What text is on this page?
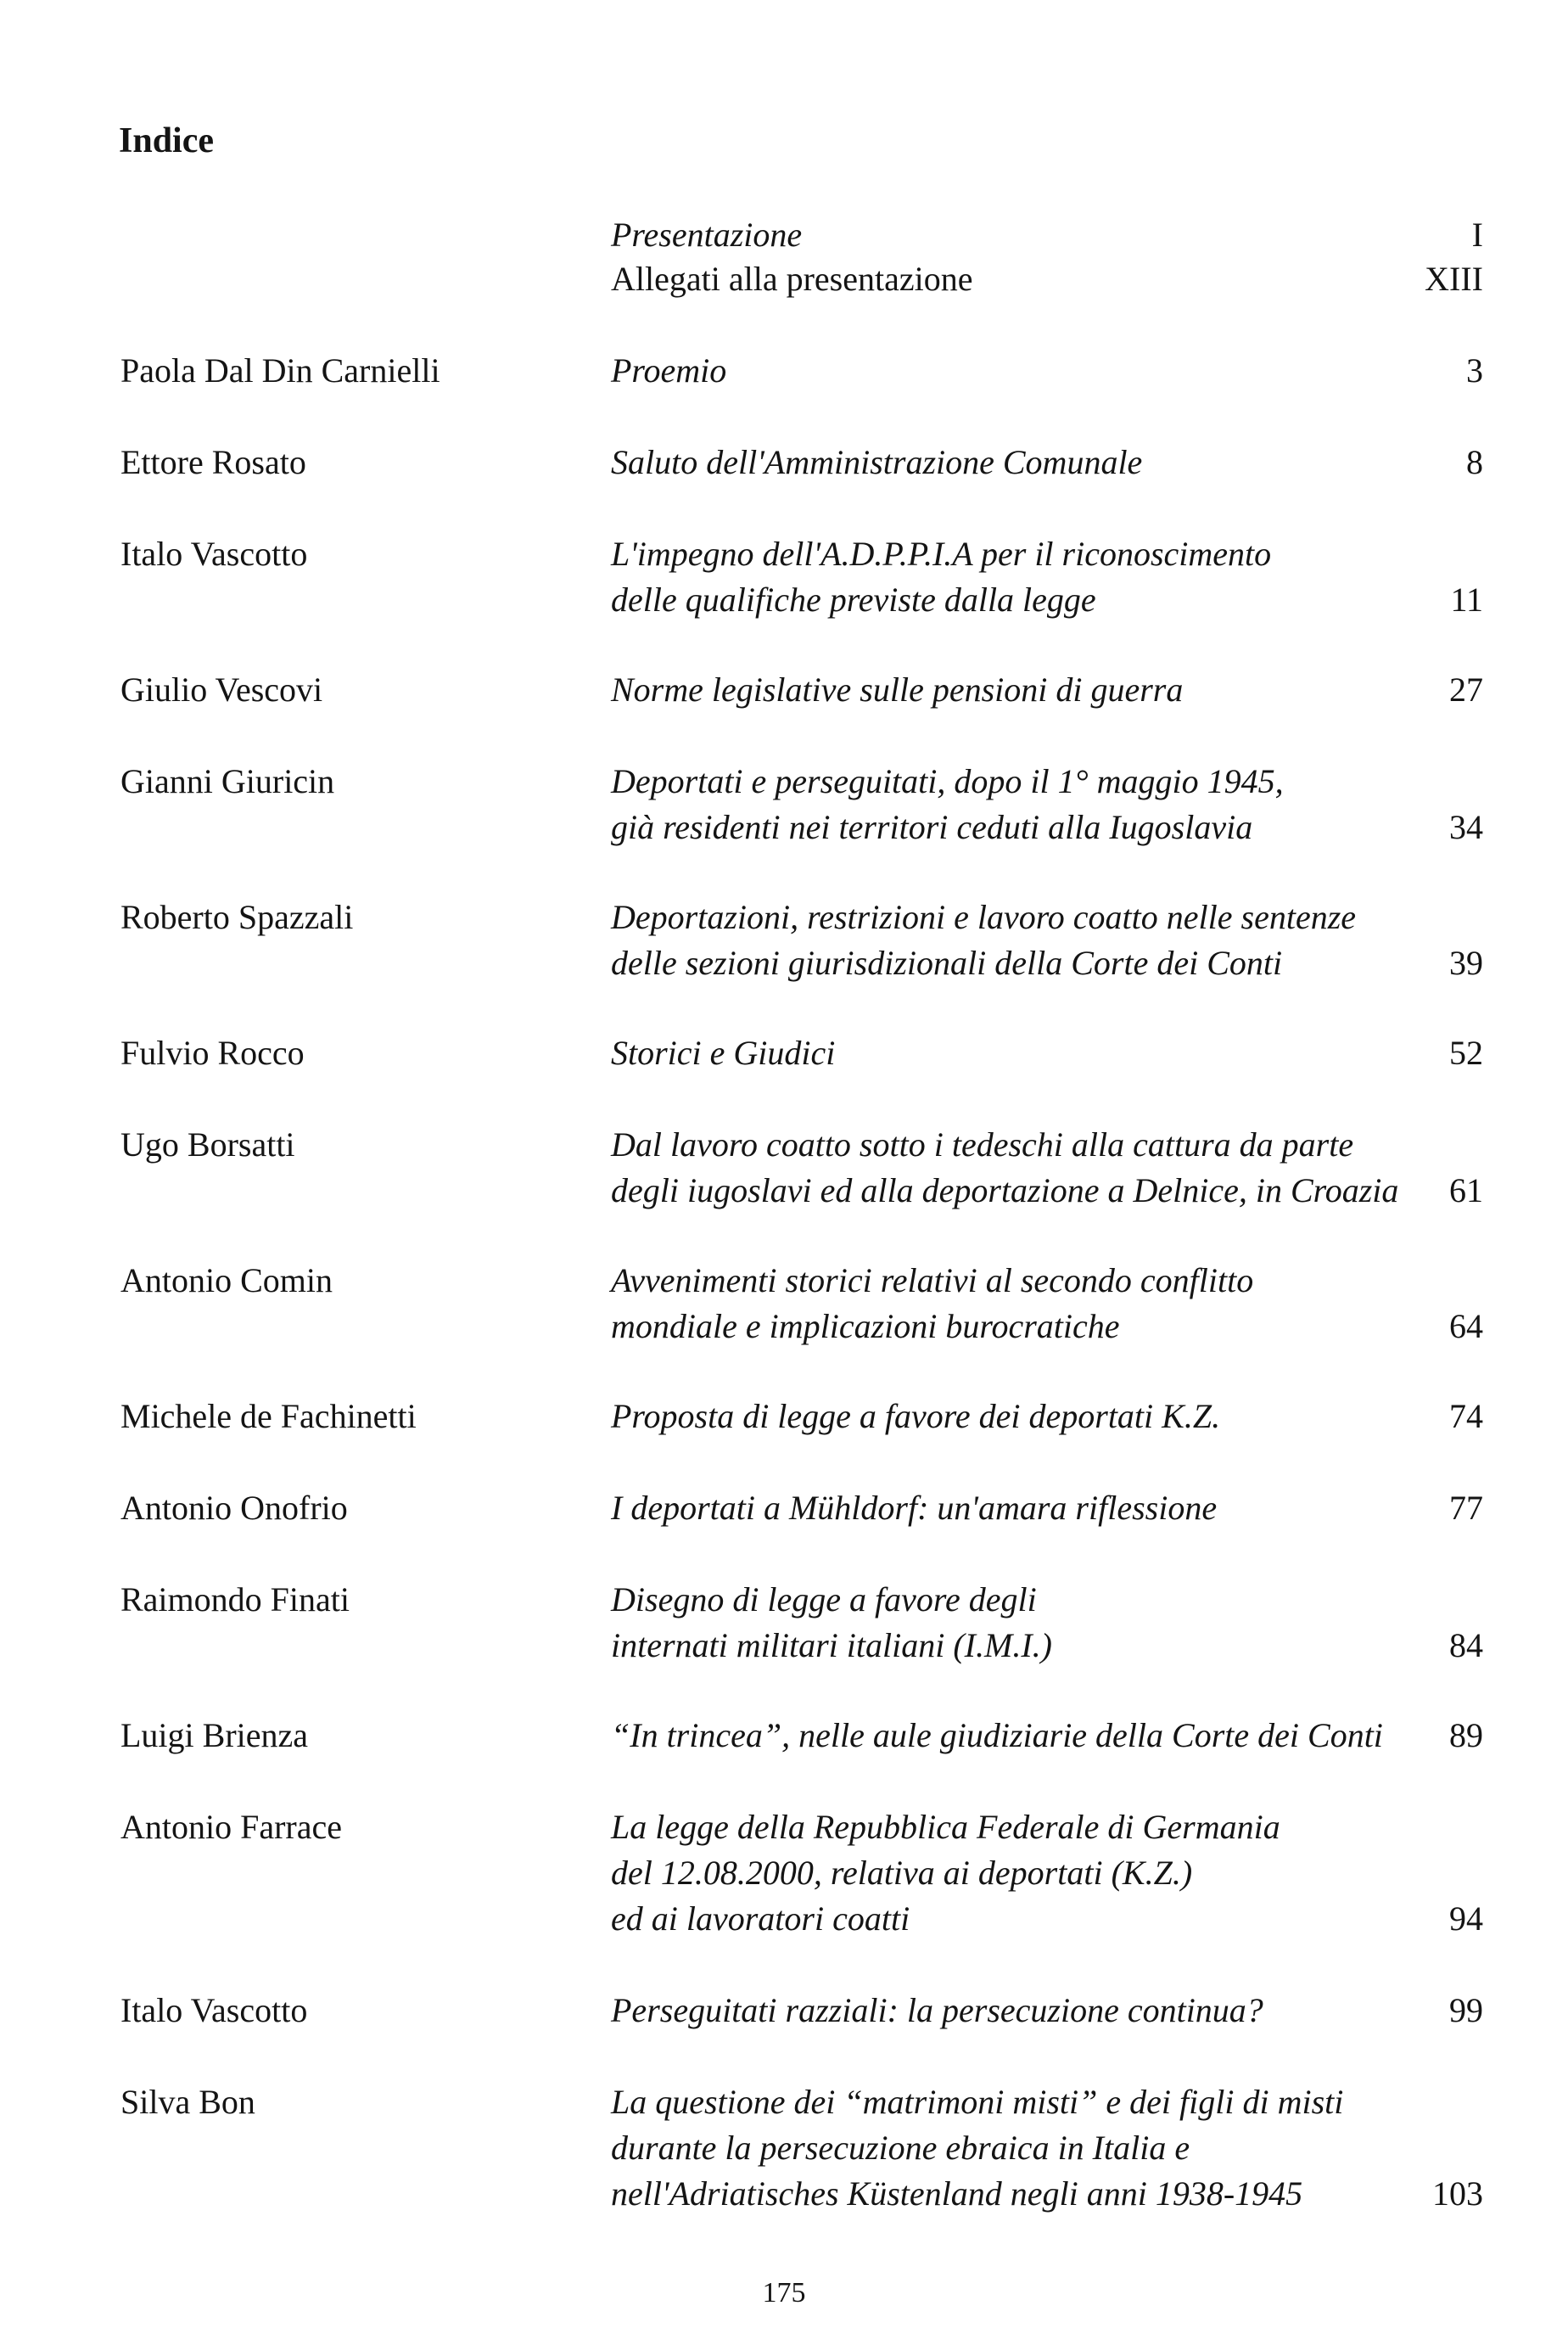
Indice
Presentazione	I
Allegati alla presentazione	XIII
Paola Dal Din Carnielli	Proemio	3
Ettore Rosato	Saluto dell'Amministrazione Comunale	8
Italo Vascotto	L'impegno dell'A.D.P.P.I.A per il riconoscimento
delle qualifiche previste dalla legge	11
Giulio Vescovi	Norme legislative sulle pensioni di guerra	27
Gianni Giuricin	Deportati e perseguitati, dopo il 1° maggio 1945,
già residenti nei territori ceduti alla Iugoslavia	34
Roberto Spazzali	Deportazioni, restrizioni e lavoro coatto nelle sentenze
delle sezioni giurisdizionali della Corte dei Conti	39
Fulvio Rocco	Storici e Giudici	52
Ugo Borsatti	Dal lavoro coatto sotto i tedeschi alla cattura da parte
degli iugoslavi ed alla deportazione a Delnice, in Croazia	61
Antonio Comin	Avvenimenti storici relativi al secondo conflitto
mondiale e implicazioni burocratiche	64
Michele de Fachinetti	Proposta di legge a favore dei deportati K.Z.	74
Antonio Onofrio	I deportati a Mühldorf: un'amara riflessione	77
Raimondo Finati	Disegno di legge a favore degli
internati militari italiani (I.M.I.)	84
Luigi Brienza	“In trincea”, nelle aule giudiziarie della Corte dei Conti	89
Antonio Farrace	La legge della Repubblica Federale di Germania
del 12.08.2000, relativa ai deportati (K.Z.)
ed ai lavoratori coatti	94
Italo Vascotto	Perseguitati razziali: la persecuzione continua?	99
Silva Bon	La questione dei “matrimoni misti” e dei figli di misti
durante la persecuzione ebraica in Italia e
nell'Adriatisches Küstenland negli anni 1938-1945	103
175
